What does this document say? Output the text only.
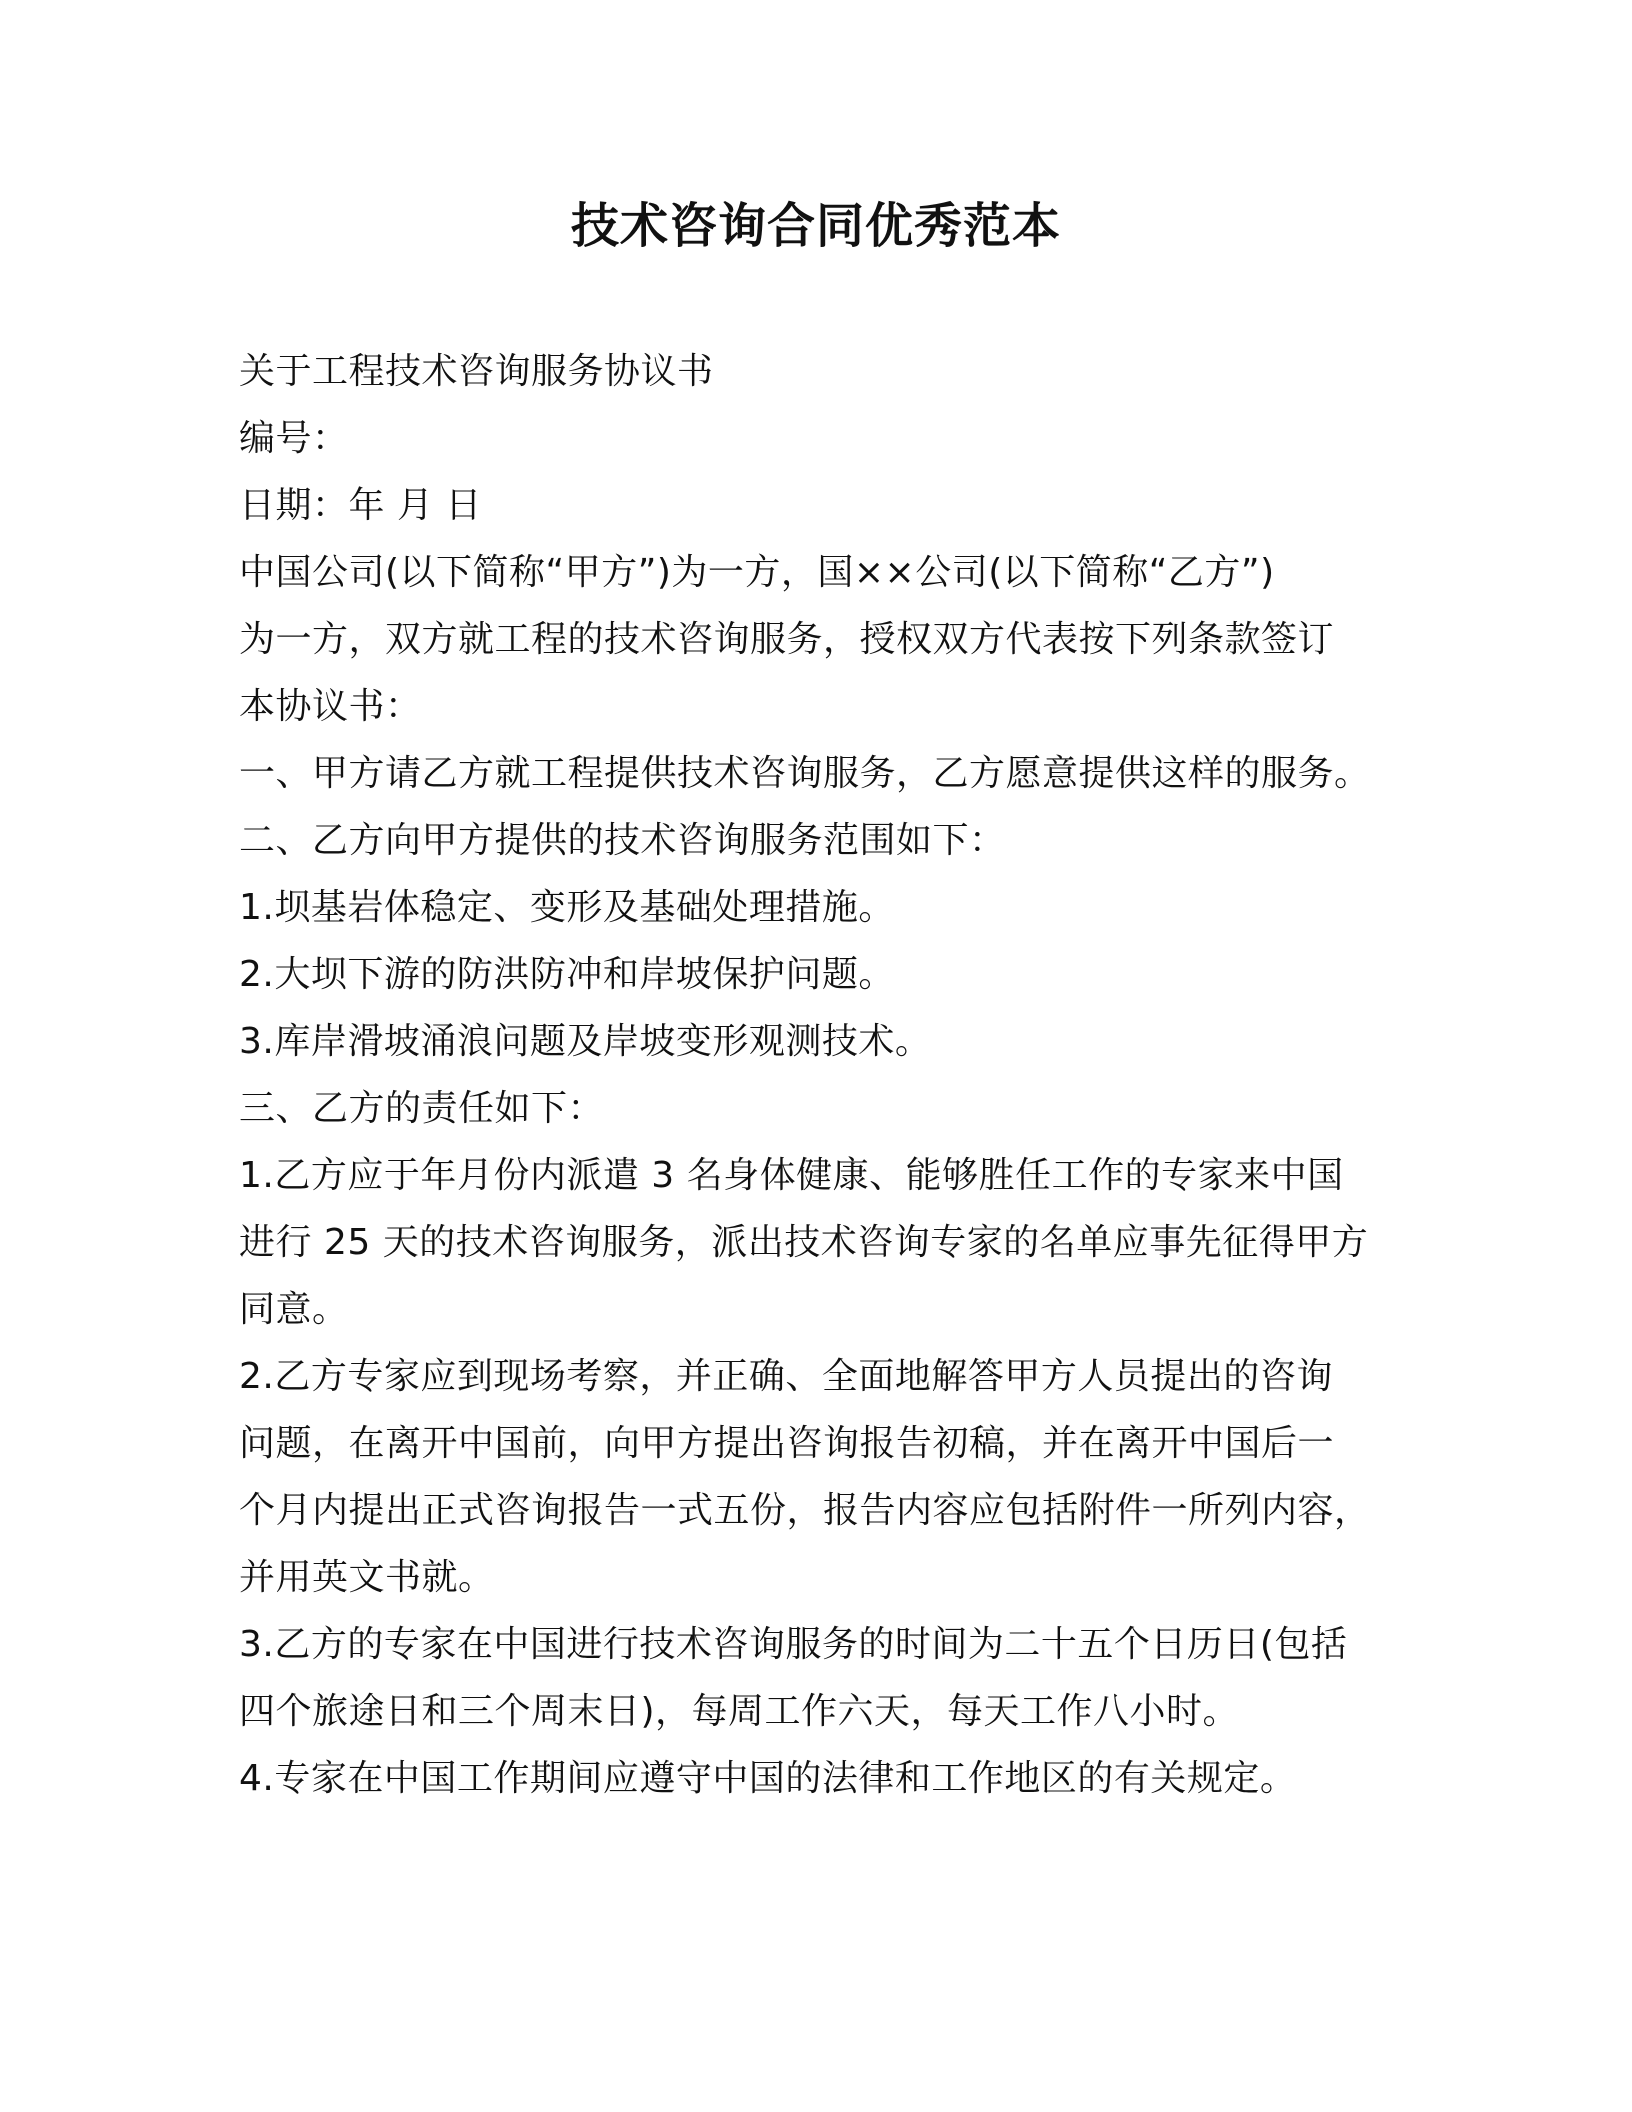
技术咨询合同优秀范本
关于工程技术咨询服务协议书
编号：
日期：年 月 日
中国公司(以下简称“甲方”)为一方，国××公司(以下简称“乙方”)
为一方，双方就工程的技术咨询服务，授权双方代表按下列条款签订
本协议书：
一、甲方请乙方就工程提供技术咨询服务，乙方愿意提供这样的服务。
二、乙方向甲方提供的技术咨询服务范围如下：
1.坝基岩体稳定、变形及基础处理措施。
2.大坝下游的防洪防冲和岸坡保护问题。
3.库岸滑坡涌浪问题及岸坡变形观测技术。
三、乙方的责任如下：
1.乙方应于年月份内派遣 3 名身体健康、能够胜任工作的专家来中国
进行 25 天的技术咨询服务，派出技术咨询专家的名单应事先征得甲方
同意。
2.乙方专家应到现场考察，并正确、全面地解答甲方人员提出的咨询
问题，在离开中国前，向甲方提出咨询报告初稿，并在离开中国后一
个月内提出正式咨询报告一式五份，报告内容应包括附件一所列内容，
并用英文书就。
3.乙方的专家在中国进行技术咨询服务的时间为二十五个日历日(包括
四个旅途日和三个周末日)，每周工作六天，每天工作八小时。
4.专家在中国工作期间应遵守中国的法律和工作地区的有关规定。
